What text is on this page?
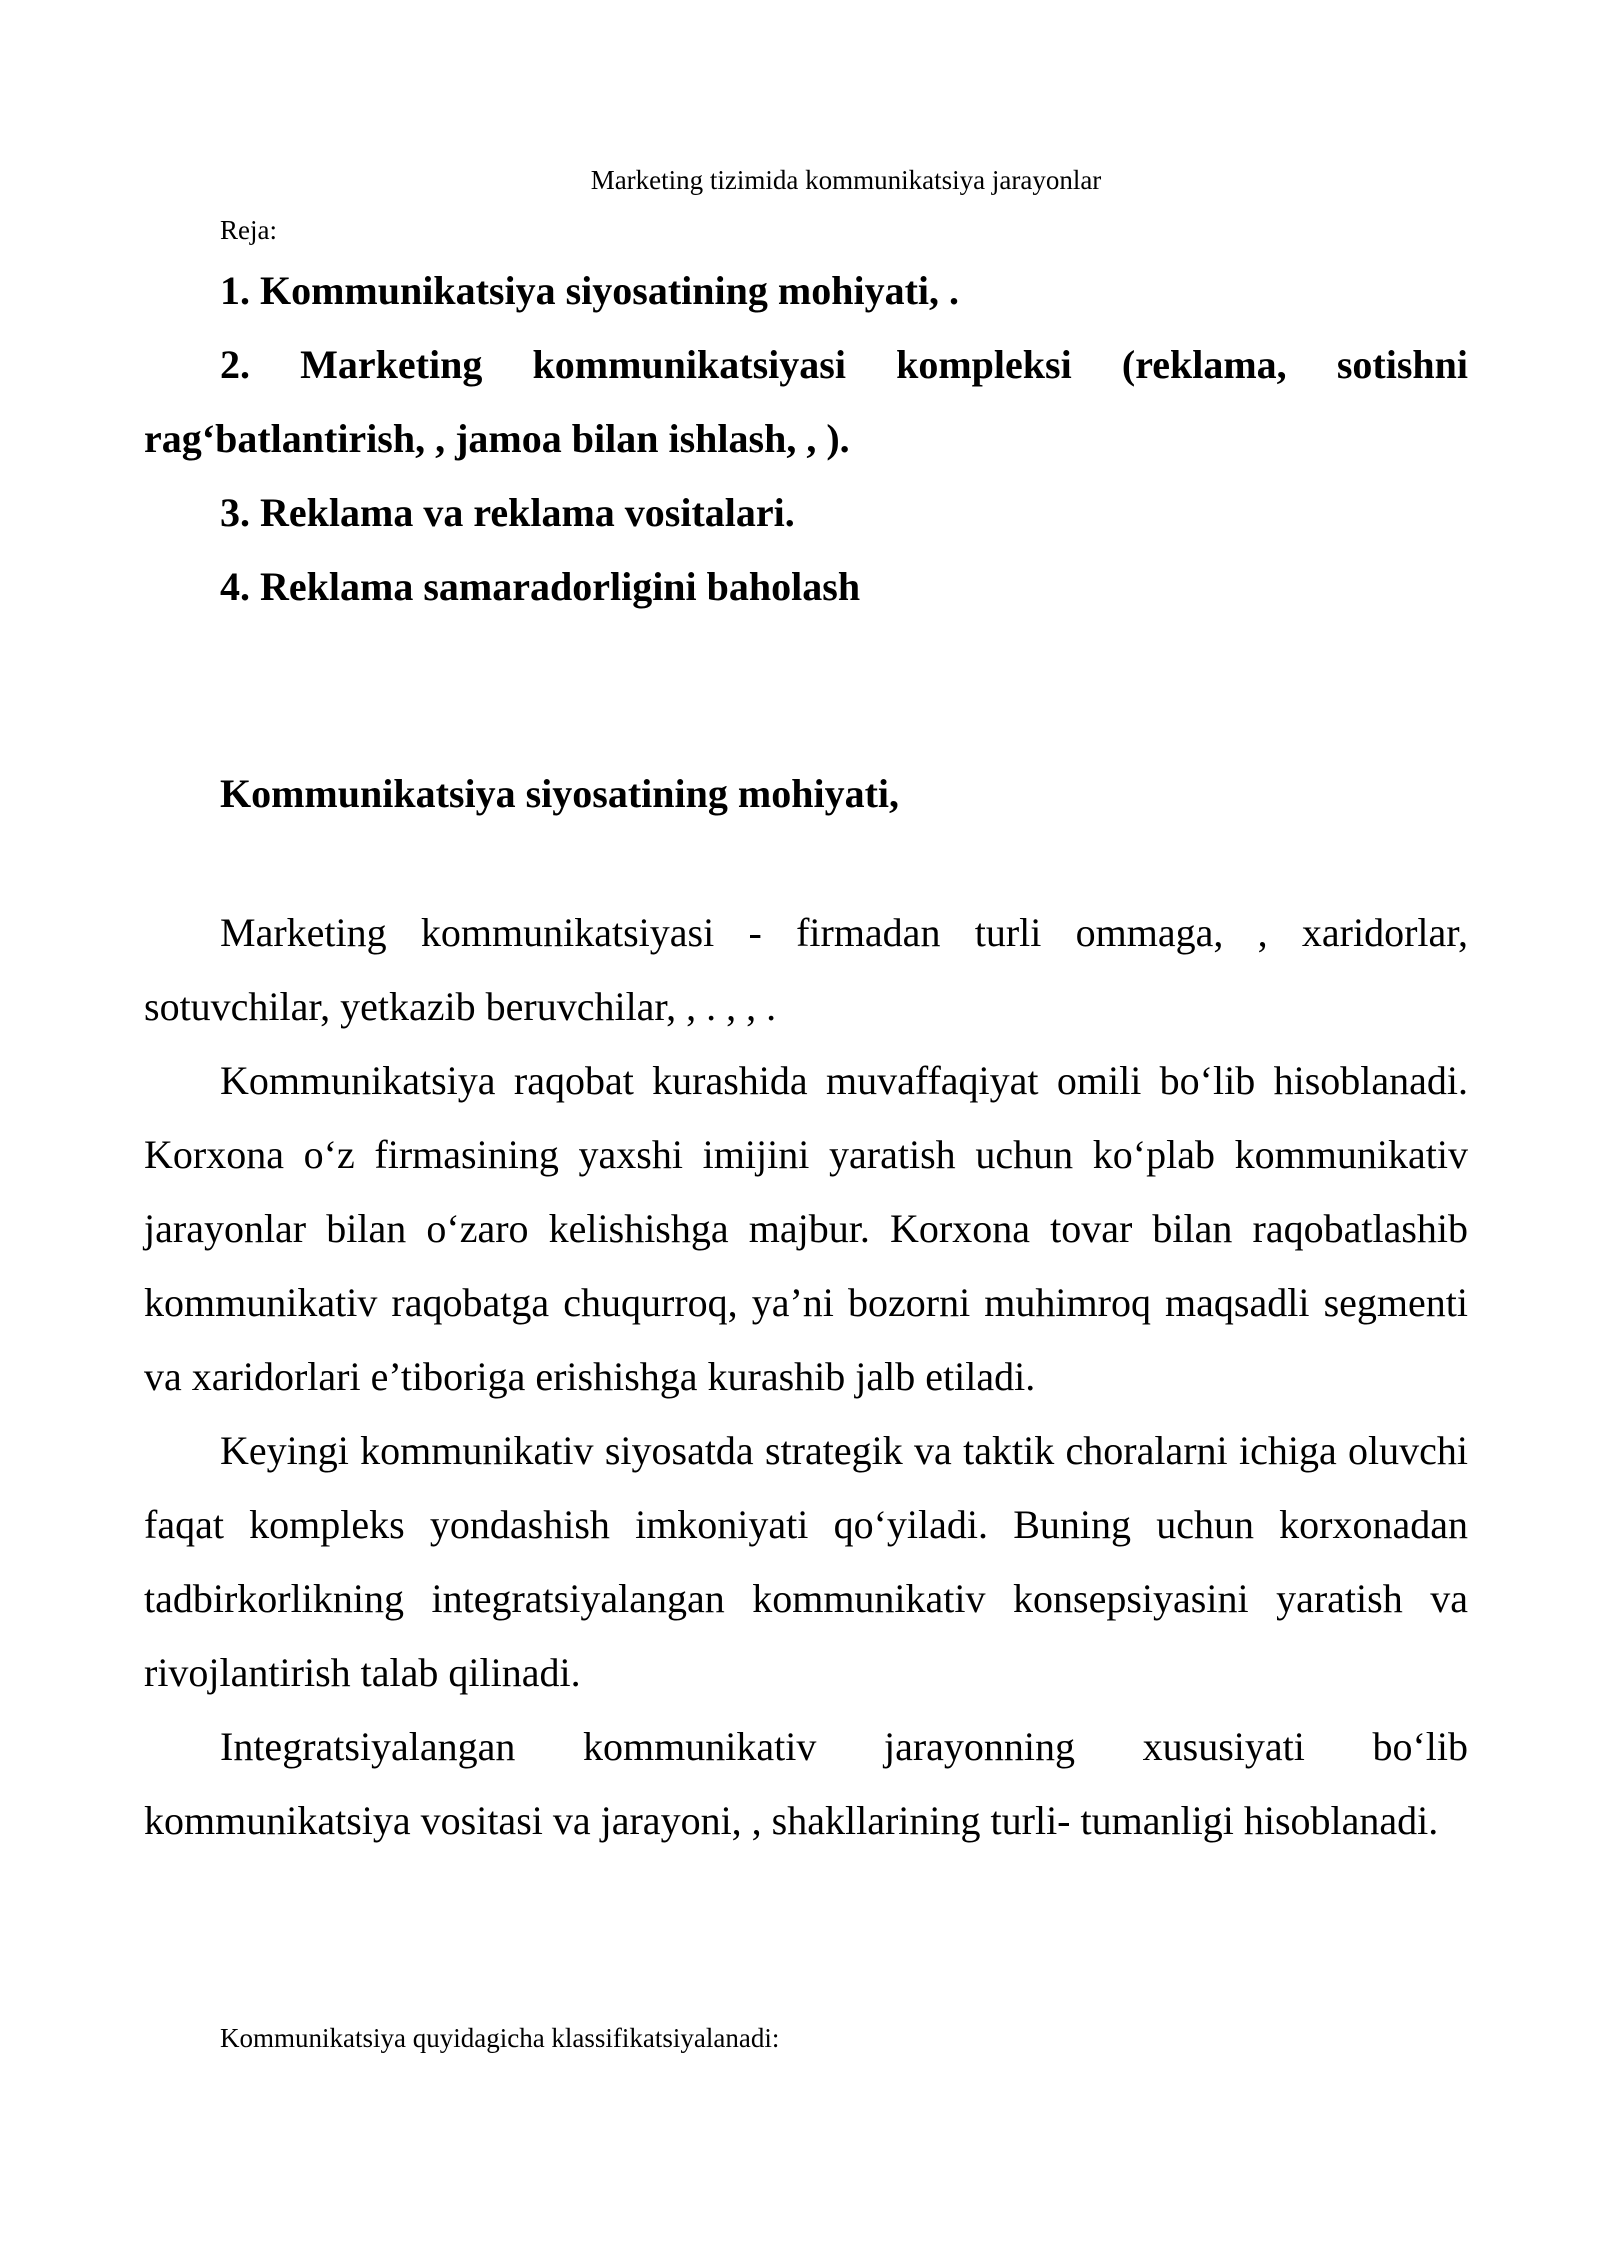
Marketing tizimida kommunikatsiya jarayonlar

Reja:

1. Kommunikatsiya siyosatining mohiyati, .
2. Marketing kommunikatsiyasi kompleksi (reklama, sotishni rag‘batlantirish, , jamoa bilan ishlash, , ).
3. Reklama va reklama vositalari.
4. Reklama samaradorligini baholash
Kommunikatsiya siyosatining mohiyati,

Marketing kommunikatsiyasi - firmadan turli ommaga, , xaridorlar, sotuvchilar, yetkazib beruvchilar, , . , , .

Kommunikatsiya raqobat kurashida muvaffaqiyat omili bo‘lib hisoblanadi. Korxona o‘z firmasining yaxshi imijini yaratish uchun ko‘plab kommunikativ jarayonlar bilan o‘zaro kelishishga majbur. Korxona tovar bilan raqobatlashib kommunikativ raqobatga chuqurroq, ya’ni bozorni muhimroq maqsadli segmenti va xaridorlari e’tiboriga erishishga kurashib jalb etiladi.

Keyingi kommunikativ siyosatda strategik va taktik choralarni ichiga oluvchi faqat kompleks yondashish imkoniyati qo‘yiladi. Buning uchun korxonadan tadbirkorlikning integratsiyalangan kommunikativ konsepsiyasini yaratish va rivojlantirish talab qilinadi.

Integratsiyalangan kommunikativ jarayonning xususiyati bo‘lib kommunikatsiya vositasi va jarayoni, , shakllarining turli- tumanligi hisoblanadi.

Kommunikatsiya quyidagicha klassifikatsiyalanadi:
